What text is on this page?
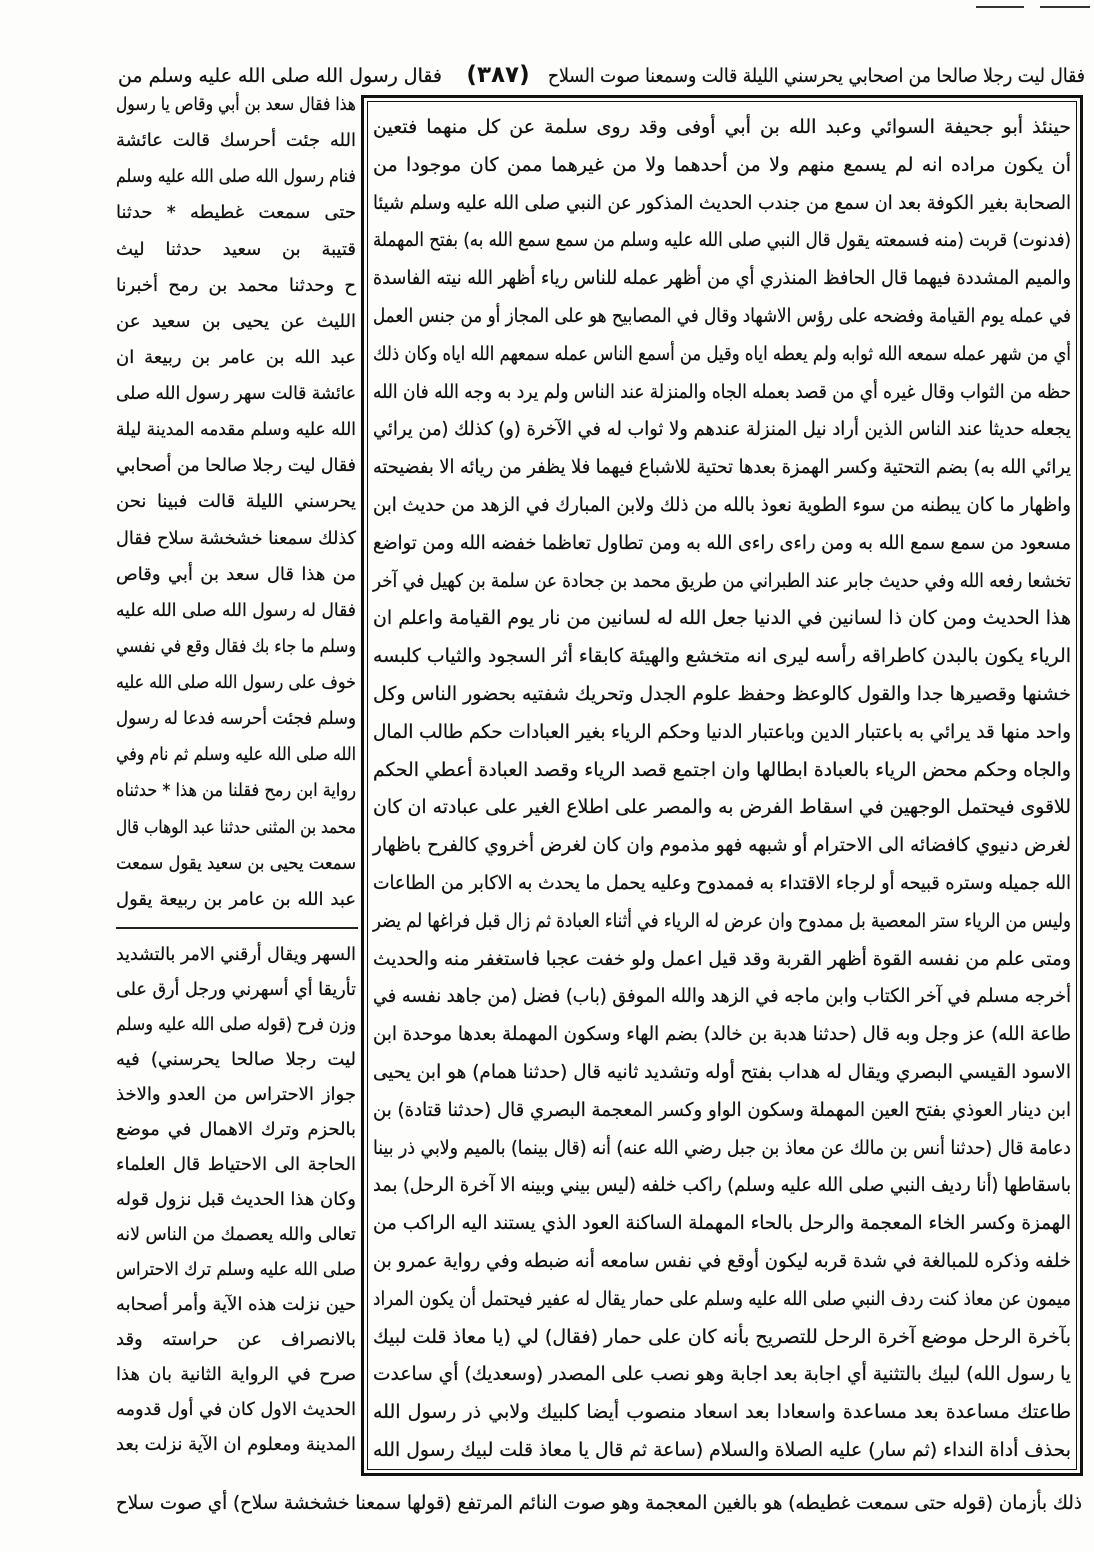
فقال ليت رجلا صالحا من اصحابي يحرسني الليلة قالت وسمعنا صوت السلاح
(٣٨٧)
فقال رسول الله صلى الله عليه وسلم من
هذا فقال سعد بن أبي وقاص يا رسول
الله جئت أحرسك قالت عائشة
فنام رسول الله صلى الله عليه وسلم
حتى سمعت غطيطه * حدثنا
قتيبة بن سعيد حدثنا ليث
ح وحدثنا محمد بن رمح أخبرنا
الليث عن يحيى بن سعيد عن
عبد الله بن عامر بن ربيعة ان
عائشة قالت سهر رسول الله صلى
الله عليه وسلم مقدمه المدينة ليلة
فقال ليت رجلا صالحا من أصحابي
يحرسني الليلة قالت فبينا نحن
كذلك سمعنا خشخشة سلاح فقال
من هذا قال سعد بن أبي وقاص
فقال له رسول الله صلى الله عليه
وسلم ما جاء بك فقال وقع في نفسي
خوف على رسول الله صلى الله عليه
وسلم فجئت أحرسه فدعا له رسول
الله صلى الله عليه وسلم ثم نام وفي
رواية ابن رمح فقلنا من هذا * حدثناه
محمد بن المثنى حدثنا عبد الوهاب قال
سمعت يحيى بن سعيد يقول سمعت
عبد الله بن عامر بن ربيعة يقول
السهر ويقال أرقني الامر بالتشديد
تأريقا أي أسهرني ورجل أرق على
وزن فرح (قوله صلى الله عليه وسلم
ليت رجلا صالحا يحرسني) فيه
جواز الاحتراس من العدو والاخذ
بالحزم وترك الاهمال في موضع
الحاجة الى الاحتياط قال العلماء
وكان هذا الحديث قبل نزول قوله
تعالى والله يعصمك من الناس لانه
صلى الله عليه وسلم ترك الاحتراس
حين نزلت هذه الآية وأمر أصحابه
بالانصراف عن حراسته وقد
صرح في الرواية الثانية بان هذا
الحديث الاول كان في أول قدومه
المدينة ومعلوم ان الآية نزلت بعد
حينئذ أبو جحيفة السوائي وعبد الله بن أبي أوفى وقد روى سلمة عن كل منهما فتعين
أن يكون مراده انه لم يسمع منهم ولا من أحدهما ولا من غيرهما ممن كان موجودا من
الصحابة بغير الكوفة بعد ان سمع من جندب الحديث المذكور عن النبي صلى الله عليه وسلم شيئا
(فدنوت) قربت (منه فسمعته يقول قال النبي صلى الله عليه وسلم من سمع سمع الله به) بفتح المهملة
والميم المشددة فيهما قال الحافظ المنذري أي من أظهر عمله للناس رياء أظهر الله نيته الفاسدة
في عمله يوم القيامة وفضحه على رؤس الاشهاد وقال في المصابيح هو على المجاز أو من جنس العمل
أي من شهر عمله سمعه الله ثوابه ولم يعطه اياه وقيل من أسمع الناس عمله سمعهم الله اياه وكان ذلك
حظه من الثواب وقال غيره أي من قصد بعمله الجاه والمنزلة عند الناس ولم يرد به وجه الله فان الله
يجعله حديثا عند الناس الذين أراد نيل المنزلة عندهم ولا ثواب له في الآخرة (و) كذلك (من يرائي
يرائي الله به) بضم التحتية وكسر الهمزة بعدها تحتية للاشباع فيهما فلا يظفر من ريائه الا بفضيحته
واظهار ما كان يبطنه من سوء الطوية نعوذ بالله من ذلك ولابن المبارك في الزهد من حديث ابن
مسعود من سمع سمع الله به ومن راءى راءى الله به ومن تطاول تعاظما خفضه الله ومن تواضع
تخشعا رفعه الله وفي حديث جابر عند الطبراني من طريق محمد بن جحادة عن سلمة بن كهيل في آخر
هذا الحديث ومن كان ذا لسانين في الدنيا جعل الله له لسانين من نار يوم القيامة واعلم ان
الرياء يكون بالبدن كاطراقه رأسه ليرى انه متخشع والهيئة كابقاء أثر السجود والثياب كلبسه
خشنها وقصيرها جدا والقول كالوعظ وحفظ علوم الجدل وتحريك شفتيه بحضور الناس وكل
واحد منها قد يرائي به باعتبار الدين وباعتبار الدنيا وحكم الرياء بغير العبادات حكم طالب المال
والجاه وحكم محض الرياء بالعبادة ابطالها وان اجتمع قصد الرياء وقصد العبادة أعطي الحكم
للاقوى فيحتمل الوجهين في اسقاط الفرض به والمصر على اطلاع الغير على عبادته ان كان
لغرض دنيوي كافضائه الى الاحترام أو شبهه فهو مذموم وان كان لغرض أخروي كالفرح باظهار
الله جميله وستره قبيحه أو لرجاء الاقتداء به فممدوح وعليه يحمل ما يحدث به الاكابر من الطاعات
وليس من الرياء ستر المعصية بل ممدوح وان عرض له الرياء في أثناء العبادة ثم زال قبل فراغها لم يضر
ومتى علم من نفسه القوة أظهر القربة وقد قيل اعمل ولو خفت عجبا فاستغفر منه والحديث
أخرجه مسلم في آخر الكتاب وابن ماجه في الزهد والله الموفق (باب) فضل (من جاهد نفسه في
طاعة الله) عز وجل وبه قال (حدثنا هدبة بن خالد) بضم الهاء وسكون المهملة بعدها موحدة ابن
الاسود القيسي البصري ويقال له هداب بفتح أوله وتشديد ثانيه قال (حدثنا همام) هو ابن يحيى
ابن دينار العوذي بفتح العين المهملة وسكون الواو وكسر المعجمة البصري قال (حدثنا قتادة) بن
دعامة قال (حدثنا أنس بن مالك عن معاذ بن جبل رضي الله عنه) أنه (قال بينما) بالميم ولابي ذر بينا
باسقاطها (أنا رديف النبي صلى الله عليه وسلم) راكب خلفه (ليس بيني وبينه الا آخرة الرحل) بمد
الهمزة وكسر الخاء المعجمة والرحل بالحاء المهملة الساكنة العود الذي يستند اليه الراكب من
خلفه وذكره للمبالغة في شدة قربه ليكون أوقع في نفس سامعه أنه ضبطه وفي رواية عمرو بن
ميمون عن معاذ كنت ردف النبي صلى الله عليه وسلم على حمار يقال له عفير فيحتمل أن يكون المراد
بآخرة الرحل موضع آخرة الرحل للتصريح بأنه كان على حمار (فقال) لي (يا معاذ قلت لبيك
يا رسول الله) لبيك بالتثنية أي اجابة بعد اجابة وهو نصب على المصدر (وسعديك) أي ساعدت
طاعتك مساعدة بعد مساعدة واسعادا بعد اسعاد منصوب أيضا كلبيك ولابي ذر رسول الله
بحذف أداة النداء (ثم سار) عليه الصلاة والسلام (ساعة ثم قال يا معاذ قلت لبيك رسول الله
ذلك بأزمان (قوله حتى سمعت غطيطه) هو بالغين المعجمة وهو صوت النائم المرتفع (قولها سمعنا خشخشة سلاح) أي صوت سلاح
